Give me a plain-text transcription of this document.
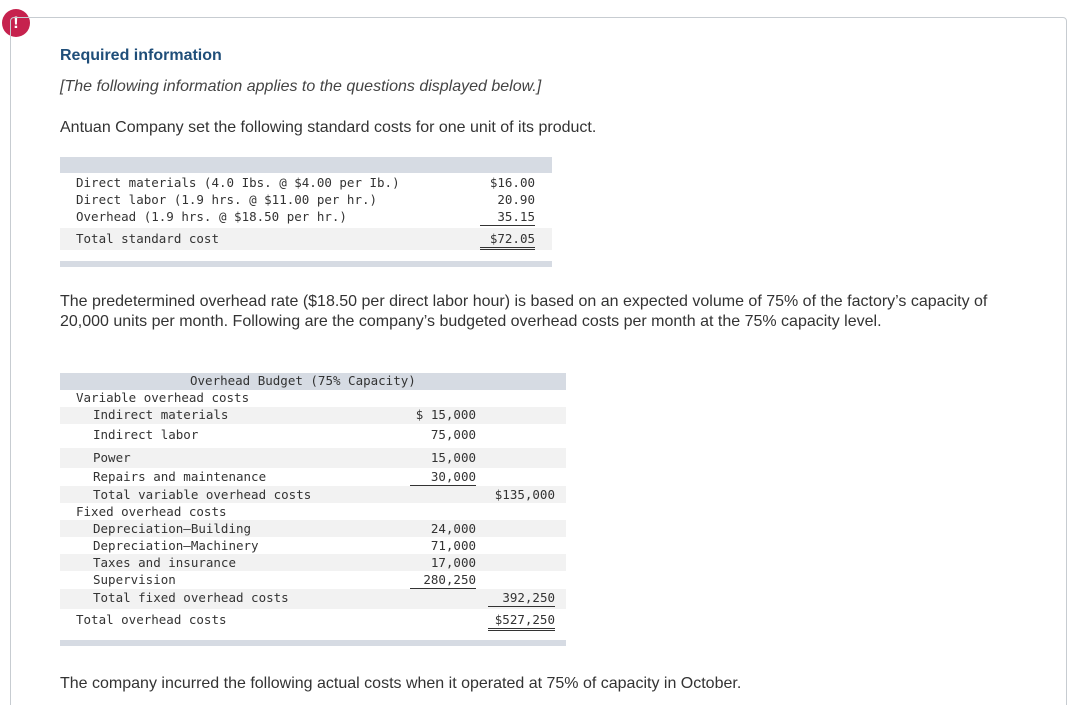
!
Required information
[The following information applies to the questions displayed below.]
Antuan Company set the following standard costs for one unit of its product.
Direct materials (4.0 Ibs. @ $4.00 per Ib.)
Direct labor (1.9 hrs. @ $11.00 per hr.)
Overhead (1.9 hrs. @ $18.50 per hr.)
Total standard cost
$16.00
20.90
35.15
$72.05
The predetermined overhead rate ($18.50 per direct labor hour) is based on an expected volume of 75% of the factory’s capacity of 20,000 units per month. Following are the company’s budgeted overhead costs per month at the 75% capacity level.
Overhead Budget (75% Capacity)
Variable overhead costs
Indirect materials
Indirect labor
Power
Repairs and maintenance
Total variable overhead costs
$ 15,000
75,000
15,000
30,000
$135,000
Fixed overhead costs
Depreciation—Building
Depreciation—Machinery
Taxes and insurance
Supervision
Total fixed overhead costs
Total overhead costs
24,000
71,000
17,000
280,250
392,250
$527,250
The company incurred the following actual costs when it operated at 75% of capacity in October.
